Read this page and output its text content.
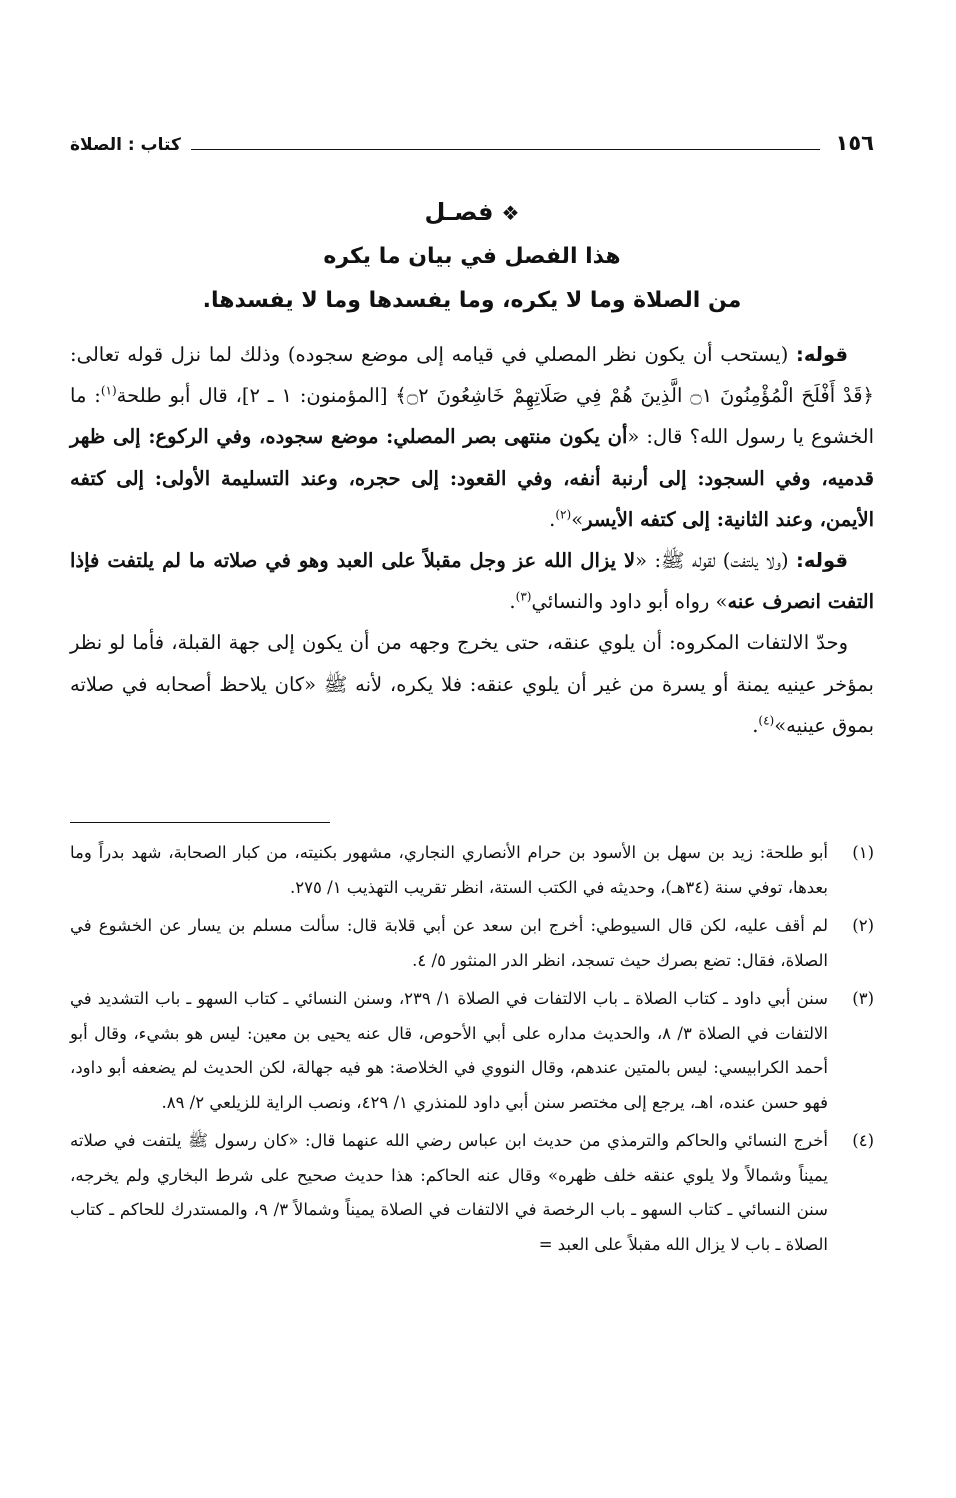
١٥٦
كتاب : الصلاة
❖فصـل
هذا الفصل في بيان ما يكره
من الصلاة وما لا يكره، وما يفسدها وما لا يفسدها.

قوله: (يستحب أن يكون نظر المصلي في قيامه إلى موضع سجوده) وذلك لما نزل قوله تعالى: ﴿قَدْ أَفْلَحَ الْمُؤْمِنُونَ ۝١ الَّذِينَ هُمْ فِي صَلَاتِهِمْ خَاشِعُونَ ۝٢﴾ [المؤمنون: ١ ـ ٢]، قال أبو طلحة$^{(١)}$: ما الخشوع يا رسول الله؟ قال: «أن يكون منتهى بصر المصلي: موضع سجوده، وفي الركوع: إلى ظهر قدميه، وفي السجود: إلى أرنبة أنفه، وفي القعود: إلى حجره، وعند التسليمة الأولى: إلى كتفه الأيمن، وعند الثانية: إلى كتفه الأيسر»$^{(٢)}$.

قوله: (ولا يلتفت) لقوله ﷺ: «لا يزال الله عز وجل مقبلاً على العبد وهو في صلاته ما لم يلتفت فإذا التفت انصرف عنه» رواه أبو داود والنسائي$^{(٣)}$.

وحدّ الالتفات المكروه: أن يلوي عنقه، حتى يخرج وجهه من أن يكون إلى جهة القبلة، فأما لو نظر بمؤخر عينيه يمنة أو يسرة من غير أن يلوي عنقه: فلا يكره، لأنه ﷺ «كان يلاحظ أصحابه في صلاته بموق عينيه»$^{(٤)}$.

(١)
أبو طلحة: زيد بن سهل بن الأسود بن حرام الأنصاري النجاري، مشهور بكنيته، من كبار الصحابة، شهد بدراً وما بعدها، توفي سنة (٣٤هـ)، وحديثه في الكتب الستة، انظر تقريب التهذيب ١/ ٢٧٥.
(٢)
لم أقف عليه، لكن قال السيوطي: أخرج ابن سعد عن أبي قلابة قال: سألت مسلم بن يسار عن الخشوع في الصلاة، فقال: تضع بصرك حيث تسجد، انظر الدر المنثور ٥/ ٤.
(٣)
سنن أبي داود ـ كتاب الصلاة ـ باب الالتفات في الصلاة ١/ ٢٣٩، وسنن النسائي ـ كتاب السهو ـ باب التشديد في الالتفات في الصلاة ٣/ ٨، والحديث مداره على أبي الأحوص، قال عنه يحيى بن معين: ليس هو بشيء، وقال أبو أحمد الكرابيسي: ليس بالمتين عندهم، وقال النووي في الخلاصة: هو فيه جهالة، لكن الحديث لم يضعفه أبو داود، فهو حسن عنده، اهـ، يرجع إلى مختصر سنن أبي داود للمنذري ١/ ٤٢٩، ونصب الراية للزيلعي ٢/ ٨٩.
(٤)
أخرج النسائي والحاكم والترمذي من حديث ابن عباس رضي الله عنهما قال: «كان رسول ﷺ يلتفت في صلاته يميناً وشمالاً ولا يلوي عنقه خلف ظهره» وقال عنه الحاكم: هذا حديث صحيح على شرط البخاري ولم يخرجه، سنن النسائي ـ كتاب السهو ـ باب الرخصة في الالتفات في الصلاة يميناً وشمالاً ٣/ ٩، والمستدرك للحاكم ـ كتاب الصلاة ـ باب لا يزال الله مقبلاً على العبد =
